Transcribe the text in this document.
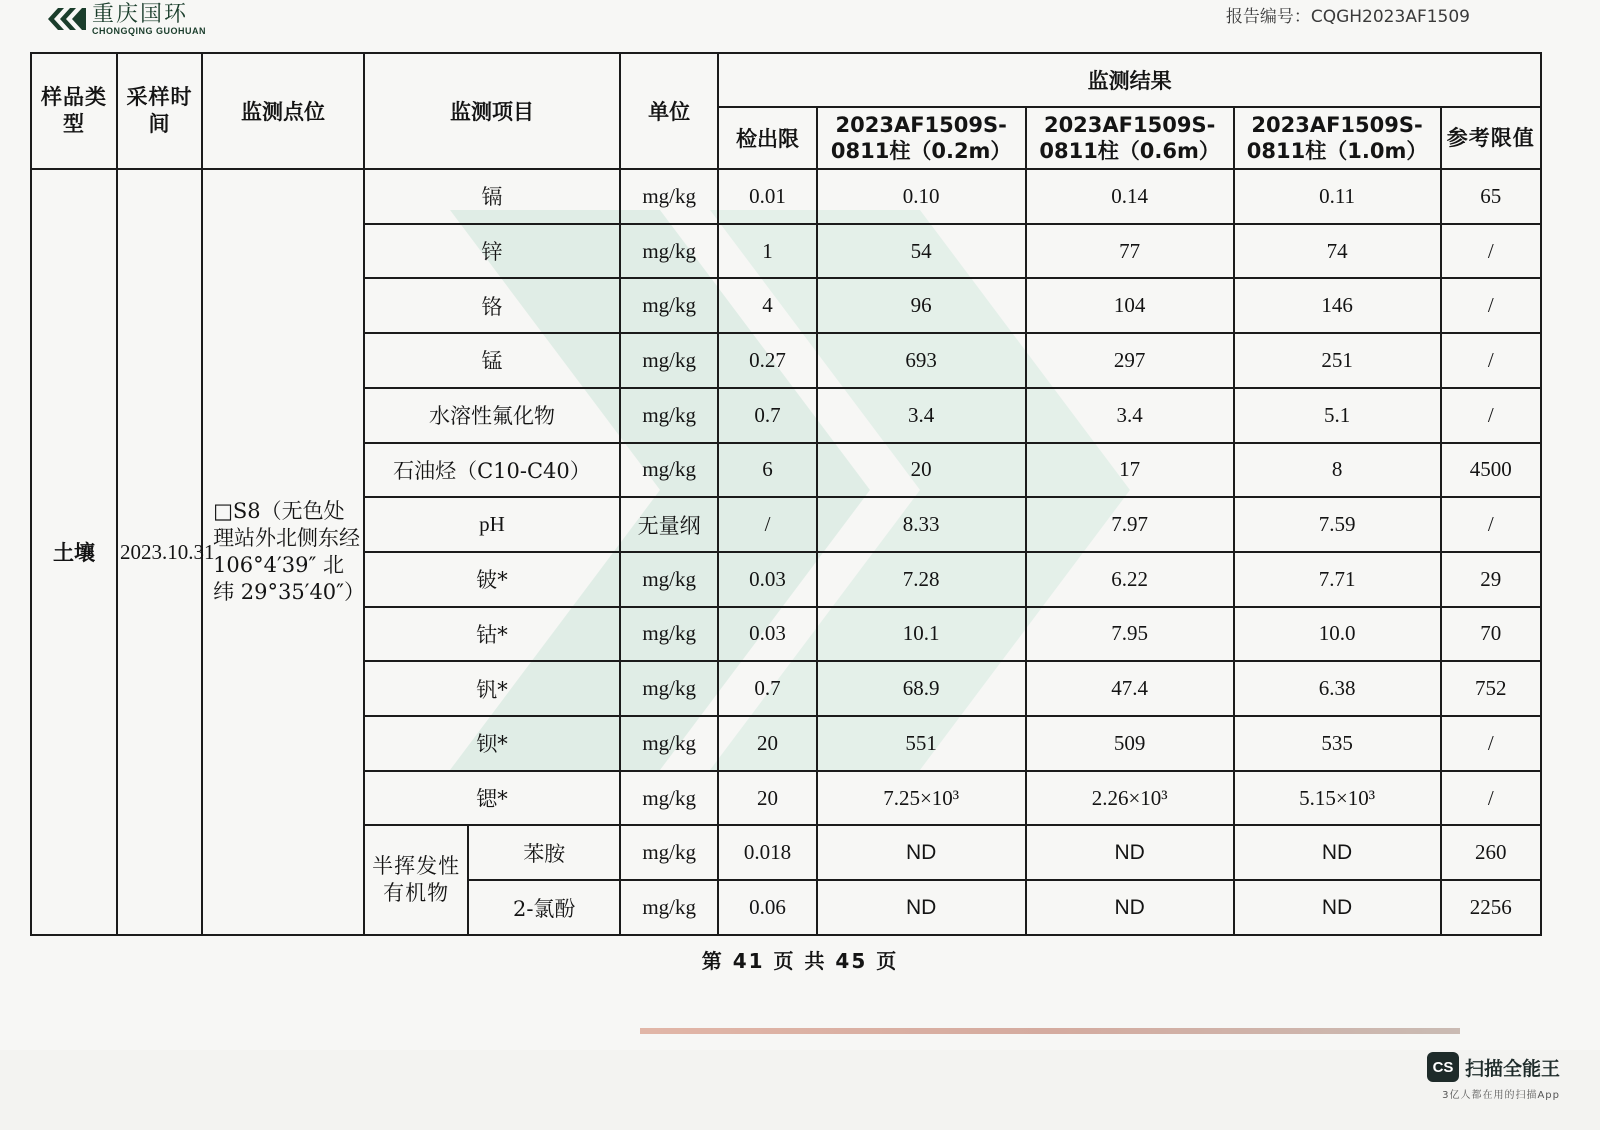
重庆国环
CHONGQING GUOHUAN
报告编号：CQGH2023AF1509
样品类型	采样时间	监测点位	监测项目		单位	监测结果				
						检出限	2023AF1509S-0811柱（0.2m）	2023AF1509S-0811柱（0.6m）	2023AF1509S-0811柱（1.0m）	参考限值
土壤	2023.10.31	□S8（无色处理站外北侧东经106°4′39″ 北纬 29°35′40″）	镉		mg/kg	0.01	0.10	0.14	0.11	65
			锌		mg/kg	1	54	77	74	/
			铬		mg/kg	4	96	104	146	/
			锰		mg/kg	0.27	693	297	251	/
			水溶性氟化物		mg/kg	0.7	3.4	3.4	5.1	/
			石油烃（C10-C40）		mg/kg	6	20	17	8	4500
			pH		无量纲	/	8.33	7.97	7.59	/
			铍*		mg/kg	0.03	7.28	6.22	7.71	29
			钴*		mg/kg	0.03	10.1	7.95	10.0	70
			钒*		mg/kg	0.7	68.9	47.4	6.38	752
			钡*		mg/kg	20	551	509	535	/
			锶*		mg/kg	20	7.25×10³	2.26×10³	5.15×10³	/
			半挥发性有机物	苯胺	mg/kg	0.018	ND	ND	ND	260
				2-氯酚	mg/kg	0.06	ND	ND	ND	2256
第 41 页 共 45 页
CS 扫描全能王
3亿人都在用的扫描App
